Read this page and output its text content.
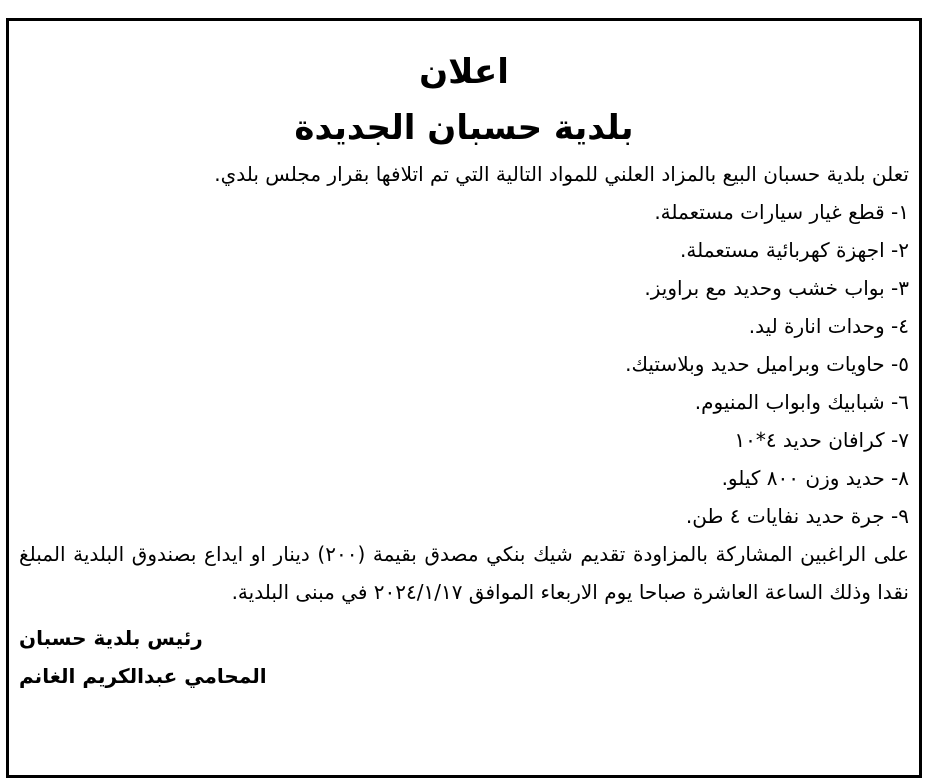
اعلان
بلدية حسبان الجديدة

تعلن بلدية حسبان البيع بالمزاد العلني للمواد التالية التي تم اتلافها بقرار مجلس بلدي.

١- قطع غيار سيارات مستعملة.
٢- اجهزة كهربائية مستعملة.
٣- بواب خشب وحديد مع براويز.
٤- وحدات انارة ليد.
٥- حاويات وبراميل حديد وبلاستيك.
٦- شبابيك وابواب المنيوم.
٧- كرافان حديد ٤*١٠
٨- حديد وزن ٨٠٠ كيلو.
٩- جرة حديد نفايات ٤ طن.
على الراغبين المشاركة بالمزاودة تقديم شيك بنكي مصدق بقيمة (٢٠٠) دينار او ايداع بصندوق البلدية المبلغ نقدا وذلك الساعة العاشرة صباحا يوم الاربعاء الموافق ٢٠٢٤/١/١٧ في مبنى البلدية.
رئيس بلدية حسبان
المحامي عبدالكريم الغانم
